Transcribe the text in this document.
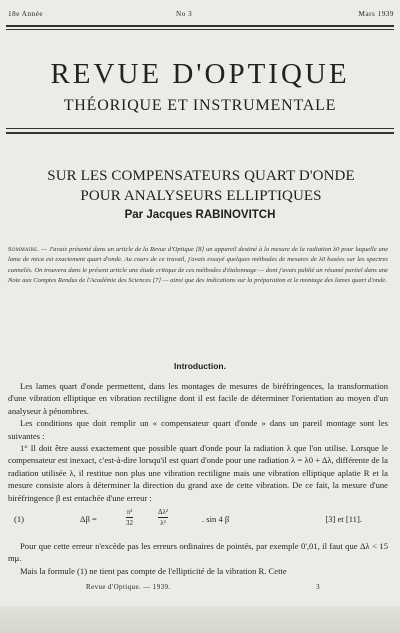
18e Année	No 3	Mars 1939
REVUE D'OPTIQUE
THÉORIQUE ET INSTRUMENTALE
SUR LES COMPENSATEURS QUART D'ONDE
POUR ANALYSEURS ELLIPTIQUES
Par Jacques RABINOVITCH
Sommaire. — J'avais présenté dans un article de la Revue d'Optique [8] un appareil destiné à la mesure de la radiation λ0 pour laquelle une lame de mica est exactement quart d'onde. Au cours de ce travail, j'avais essayé quelques méthodes de mesures de λ0 basées sur les spectres cannelés. On trouvera dans le présent article une étude critique de ces méthodes d'étalonnage — dont j'avais publié un résumé partiel dans une Note aux Comptes Rendus de l'Académie des Sciences [7] — ainsi que des indications sur la préparation et le montage des lames quart d'onde.
Introduction.

Les lames quart d'onde permettent, dans les montages de mesures de biréfringences, la transformation d'une vibration elliptique en vibration rectiligne dont il est facile de déterminer l'orientation au moyen d'un analyseur à pénombres.

Les conditions que doit remplir un « compensateur quart d'onde » dans un pareil montage sont les suivantes :

1° Il doit être aussi exactement que possible quart d'onde pour la radiation λ que l'on utilise. Lorsque le compensateur est inexact, c'est-à-dire lorsqu'il est quart d'onde pour une radiation λ = λ0 + Δλ, différente de la radiation utilisée λ, il restitue non plus une vibration rectiligne mais une vibration elliptique aplatie R et la mesure consiste alors à déterminer la direction du grand axe de cette vibration. De ce fait, la mesure d'une biréfringence β est entachée d'une erreur :

(1)	Δβ =
π²
32
Δλ²
λ²	. sin 4 β	[3] et [11].

Pour que cette erreur n'excède pas les erreurs ordinaires de pointés, par exemple 0',01, il faut que Δλ < 15 mμ.

Mais la formule (1) ne tient pas compte de l'ellipticité de la vibration R. Cette

Revue d'Optique. — 1939.	3
